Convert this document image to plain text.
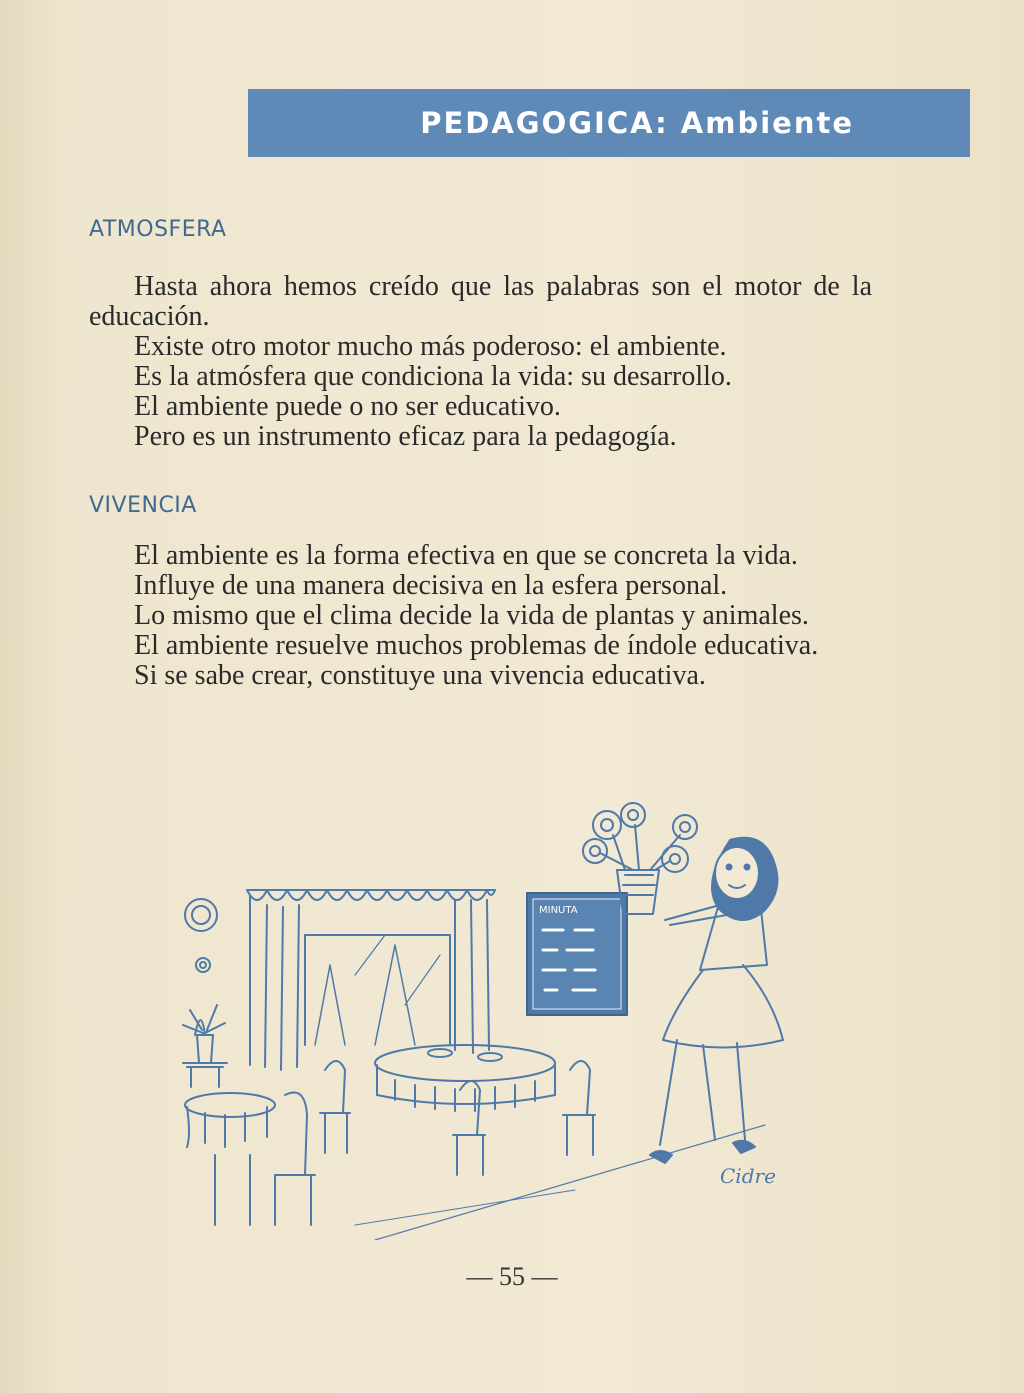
PEDAGOGICA: Ambiente
ATMOSFERA

Hasta ahora hemos creído que las palabras son el motor de la educación.

Existe otro motor mucho más poderoso: el ambiente.

Es la atmósfera que condiciona la vida: su desarrollo.

El ambiente puede o no ser educativo.

Pero es un instrumento eficaz para la pedagogía.

VIVENCIA

El ambiente es la forma efectiva en que se concreta la vida.

Influye de una manera decisiva en la esfera personal.

Lo mismo que el clima decide la vida de plantas y animales.

El ambiente resuelve muchos problemas de índole educativa.

Si se sabe crear, constituye una vivencia educativa.

MINUTA
Cidre
— 55 —
